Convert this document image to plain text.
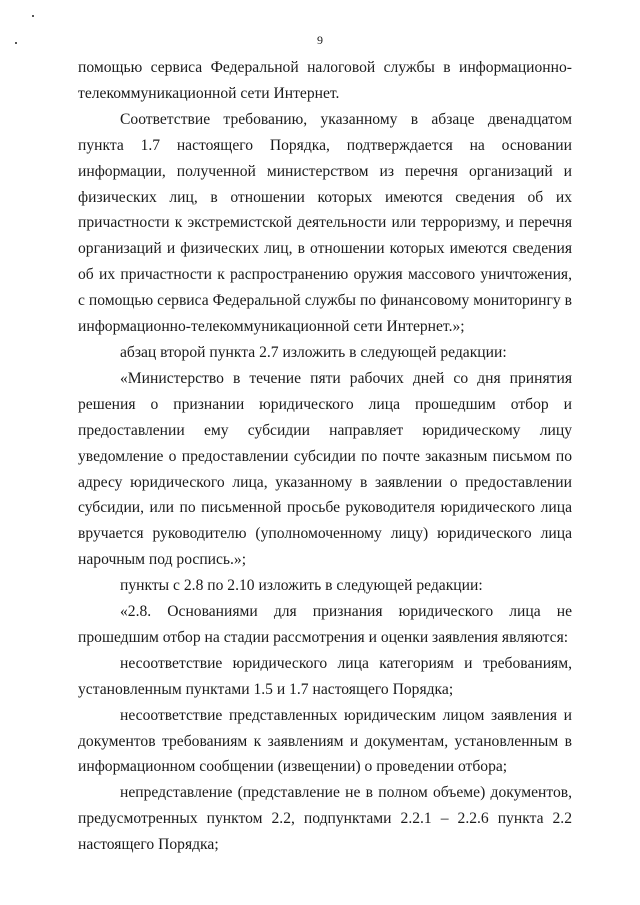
9

помощью сервиса Федеральной налоговой службы в информационно-телекоммуникационной сети Интернет.

Соответствие требованию, указанному в абзаце двенадцатом пункта 1.7 настоящего Порядка, подтверждается на основании информации, полученной министерством из перечня организаций и физических лиц, в отношении которых имеются сведения об их причастности к экстремистской деятельности или терроризму, и перечня организаций и физических лиц, в отношении которых имеются сведения об их причастности к распространению оружия массового уничтожения, с помощью сервиса Федеральной службы по финансовому мониторингу в информационно-телекоммуникационной сети Интернет.»;

абзац второй пункта 2.7 изложить в следующей редакции:

«Министерство в течение пяти рабочих дней со дня принятия решения о признании юридического лица прошедшим отбор и предоставлении ему субсидии направляет юридическому лицу уведомление о предоставлении субсидии по почте заказным письмом по адресу юридического лица, указанному в заявлении о предоставлении субсидии, или по письменной просьбе руководителя юридического лица вручается руководителю (уполномоченному лицу) юридического лица нарочным под роспись.»;

пункты с 2.8 по 2.10 изложить в следующей редакции:

«2.8. Основаниями для признания юридического лица не прошедшим отбор на стадии рассмотрения и оценки заявления являются:

несоответствие юридического лица категориям и требованиям, установленным пунктами 1.5 и 1.7 настоящего Порядка;

несоответствие представленных юридическим лицом заявления и документов требованиям к заявлениям и документам, установленным в информационном сообщении (извещении) о проведении отбора;

непредставление (представление не в полном объеме) документов, предусмотренных пунктом 2.2, подпунктами 2.2.1 – 2.2.6 пункта 2.2 настоящего Порядка;
